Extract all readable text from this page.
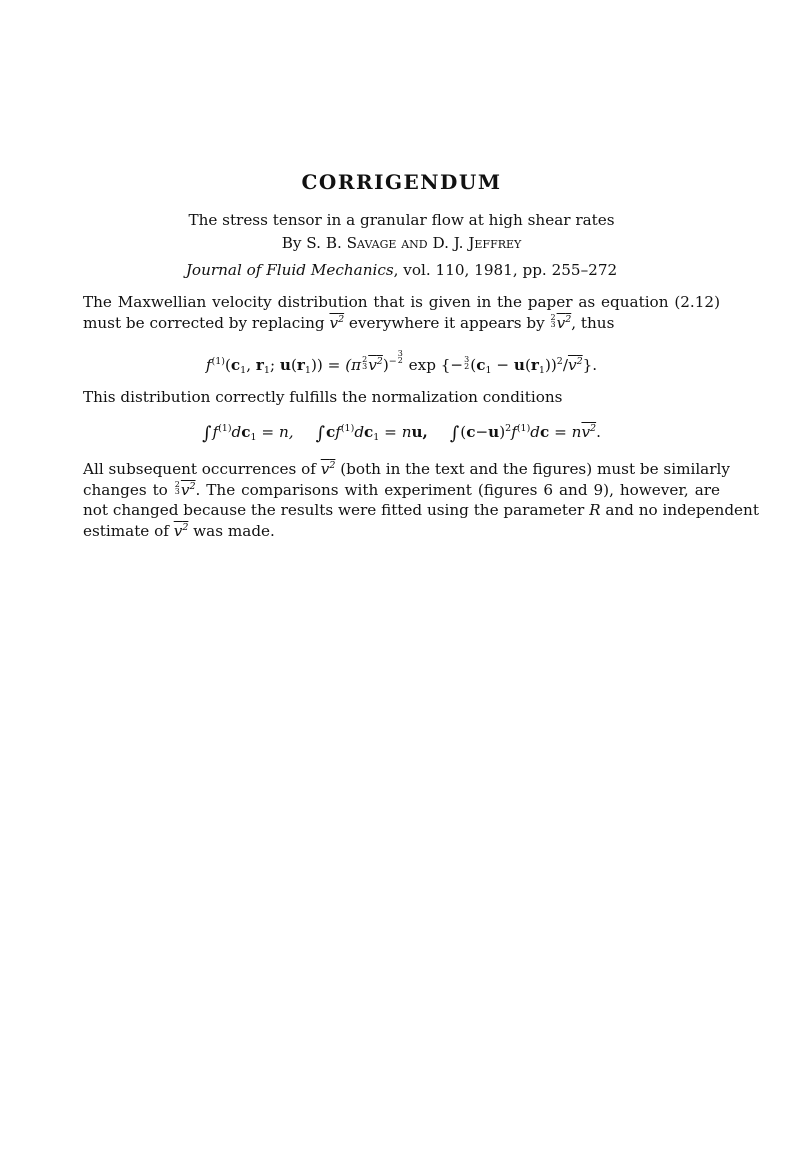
CORRIGENDUM
The stress tensor in a granular flow at high shear rates
By S. B. Savage and D. J. Jeffrey
Journal of Fluid Mechanics, vol. 110, 1981, pp. 255–272
The Maxwellian velocity distribution that is given in the paper as equation (2.12)
must be corrected by replacing $v^2$ everywhere it appears by 2
3 $v^2$, thus
$f^{(1)}(c_1$, $r_1$; $u(r_1)) = (\pi$ 2
3 $v^2)^{- 3 2}$ exp {− 3
2 $(c_1 - u(r_1))^2/v^2$}.
This distribution correctly fulfills the normalization conditions
$\int f^{(1)}dc_1 = n$, $\int cf^{(1)}dc_1$ = nu, $\int(c-u)^2f^{(1)}dc = nv^2$.
All subsequent occurrences of $v^2$ (both in the text and the figures) must be similarly
changes to 2
3 $v^2$. The comparisons with experiment (figures 6 and 9), however, are
not changed because the results were fitted using the parameter R and no independent
estimate of $v^2$ was made.
